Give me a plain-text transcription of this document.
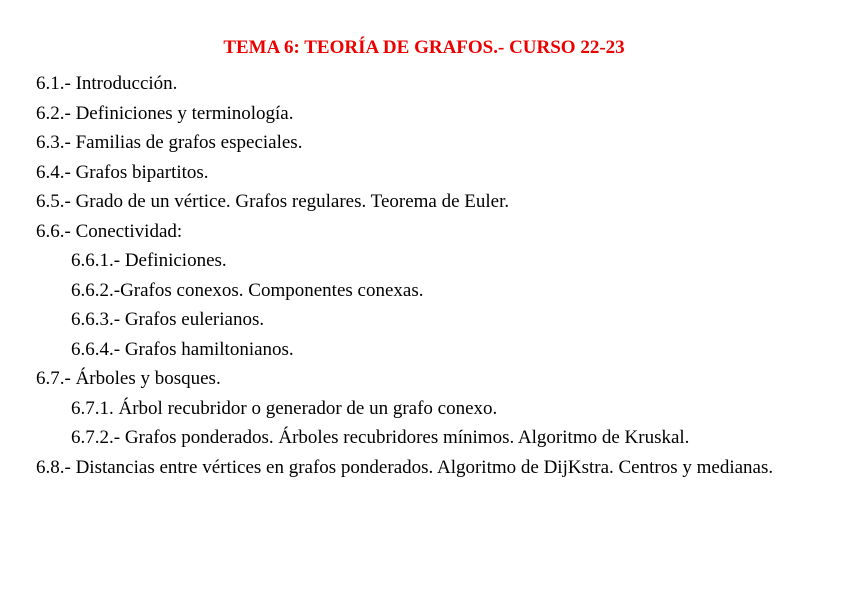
TEMA 6: TEORÍA DE GRAFOS.- CURSO 22-23
6.1.- Introducción.
6.2.- Definiciones y terminología.
6.3.- Familias de grafos especiales.
6.4.- Grafos bipartitos.
6.5.- Grado de un vértice. Grafos regulares. Teorema de Euler.
6.6.- Conectividad:
6.6.1.- Definiciones.
6.6.2.-Grafos conexos. Componentes conexas.
6.6.3.- Grafos eulerianos.
6.6.4.- Grafos hamiltonianos.
6.7.- Árboles y bosques.
6.7.1. Árbol recubridor o generador de un grafo conexo.
6.7.2.- Grafos ponderados. Árboles recubridores mínimos. Algoritmo de Kruskal.
6.8.- Distancias entre vértices en grafos ponderados. Algoritmo de DijKstra. Centros y medianas.
